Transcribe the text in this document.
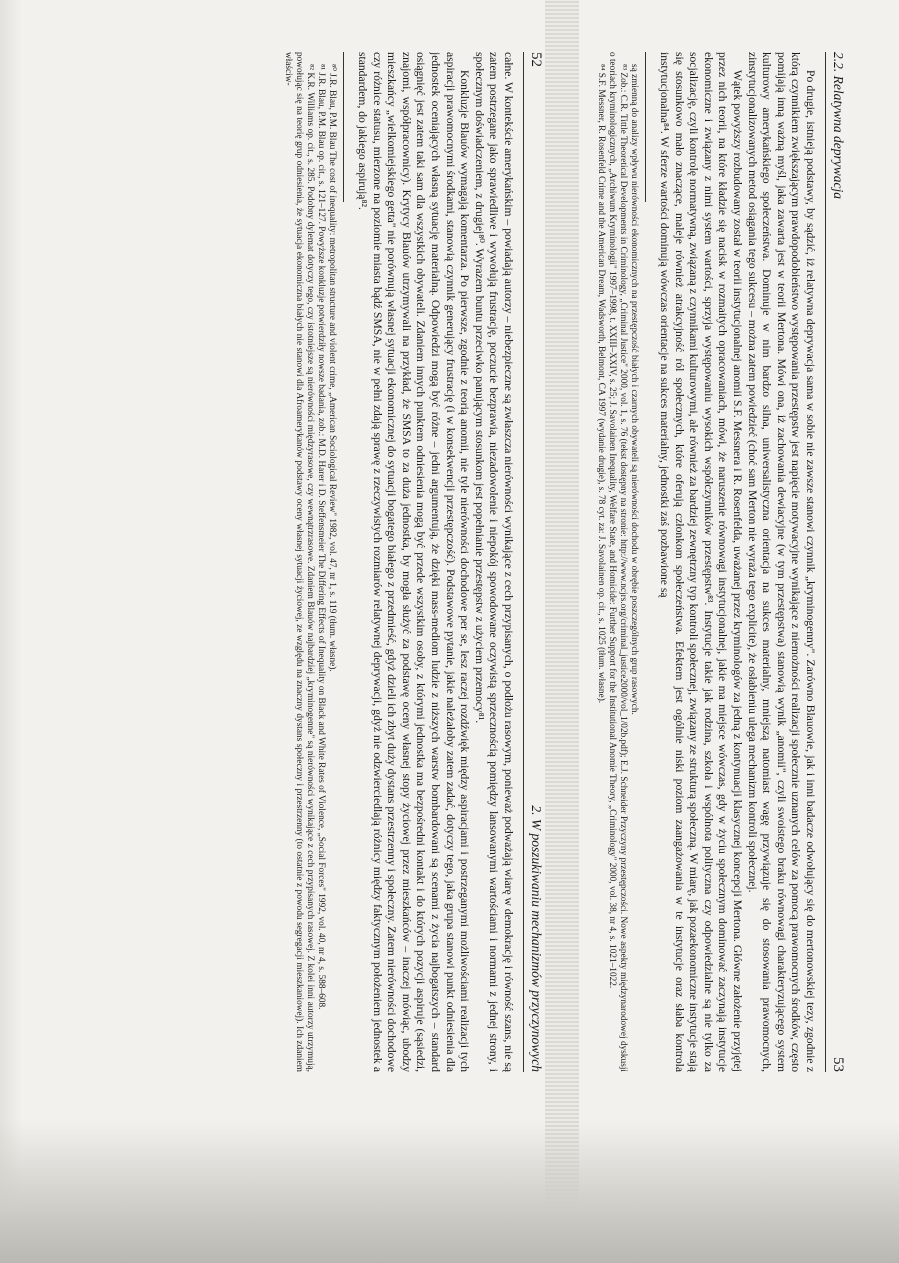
52
2. W poszukiwaniu mechanizmów przyczynowych

całne. W kontekście amerykańskim – powiadają autorzy – niebezpieczne są zwłaszcza nierówności wynikające z cech przypisanych, o podłożu rasowym, ponieważ podważają wiarę w demokrację i równość szans, nie są zatem postrzegane jako sprawiedliwe i wywołują frustrację, poczucie bezprawia, niezadowolenie i niepokój spowodowane oczywistą sprzecznością pomiędzy lansowanymi wartościami i normami z jednej strony, i społecznym doświadczeniem, z drugiej⁸⁰. Wyrazem buntu przeciwko panującym stosunkom jest popełnianie przestępstw z użyciem przemocy⁸¹.

Konkluzje Blauów wymagają komentarza. Po pierwsze, zgodnie z teorią anomii, nie tyle nierówności dochodowe per se, lesz raczej rozdźwięk między aspiracjami i postrzeganymi możliwościami realizacji tych aspiracji prawomocnymi środkami, stanowią czynnik generujący frustrację (i w konsekwencji przestępczość). Podstawowe pytanie, jakie należałoby zatem zadać, dotyczy tego, jaka grupa stanowi punkt odniesienia dla jednostek oceniających własną sytuację materialną. Odpowiedzi mogą być różne – jedni argumentują, że dzięki mass-mediom ludzie z niższych warstw bombardowani są scenami z życia najbogatszych – standard osiągnięć jest zatem taki sam dla wszystkich obywateli. Zdaniem innych punktem odniesienia mogą być przede wszystkim osoby, z którymi jednostka ma bezpośredni kontakt i do których pozycji aspiruje (sąsiedzi, znajomi, współpracownicy). Krytycy Blauów utrzymywali na przykład, że SMSA to za duża jednostka, by mogła służyć za podstawę oceny własnej stopy życiowej przez mieszkańców – inaczej mówiąc, ubodzy mieszkańcy „wielkomiejskiego getta" nie porównują własnej sytuacji ekonomicznej do sytuacji bogatego białego z przedmieść, gdyż dzieli ich zbyt duży dystans przestrzenny i społeczny. Zatem nierówności dochodowe czy różnice statusu, mierzone na poziomie miasta bądź SMSA, nie w pełni zdają sprawę z rzeczywistych rozmiarów relatywnej deprywacji, gdyż nie odzwierciedlają różnicy między faktycznym położeniem jednostek a standardem, do jakiego aspirują⁸².

⁸⁰ J.R. Blau, P.M. Blau The cost of inequality: metropolitan structure and violent crime, „American Sociological Review" 1982, vol. 47, nr 1, s. 119 (tłum. własne).

⁸¹ J.R. Blau, P.M. Blau op. cit., s. 121–127. Powyższe konkluzje potwierdziły nowsze badania, zob.: M.D. Harer i D. Steffensmeier The Differing Effects of Inequality on Black and White Rates of Violence, „Social Forces" 1992, vol. 40, nr 4, s. 588–608.

⁸² K.R. Williams op. cit., s. 285. Podobny dylemat dotyczy tego, czy istotniejsze są nierówności międzyrasowe, czy wewnątrzrasowe. Zdaniem Blauów najbardziej „kryminogenne" są nierówności wynikające z cech przypisanych rasowej. Z kolei inni autorzy utrzymują, powołując się na teorię grup odniesienia, że sytuacja ekonomiczna białych nie stanowi dla Afroamerykanów podstawy oceny własnej sytuacji życiowej, ze względu na znaczny dystans społeczny i przestrzenny (to ostatnie z powodu segregacji mieszkaniowej). Ich zdaniem właściw-	2.2. Relatywna deprywacja
53

Po drugie, istnieją podstawy, by sądzić, iż relatywna deprywacja sama w sobie nie zawsze stanowi czynnik „kryminogenny". Zarówno Blauowie, jak i inni badacze odwołujący się do mertonowskiej tezy, zgodnie z którą czynnikiem zwiększającym prawdopodobieństwo występowania przestępstw jest napięcie motywacyjne wynikające z niemożności realizacji społecznie uznanych celów za pomocą prawomocnych środków, często pomijają inną ważną myśl, jaka zawarta jest w teorii Mertona. Mówi ona, iż zachowania dewiacyjne (w tym przestępstwa) stanowią wynik „anomii", czyli swoistego braku równowagi charakteryzującego system kulturowy amerykańskiego społeczeństwa. Dominuje w nim bardzo silna, uniwersalistyczna orientacja na sukces materialny, mniejszą natomiast wagę przywiązuje się do stosowania prawomocnych, zinstytucjonalizowanych metod osiągania tego sukcesu – można zatem powiedzieć (choć sam Merton nie wyraża tego explicite), że osłabieniu ulega mechanizm kontroli społecznej.

Wątek powyższy rozbudowany został w teorii instytucjonalnej anomii S.F. Messnera i R. Rosenfelda, uważanej przez kryminologów za jedną z kontynuacji klasycznej koncepcji Mertona. Główne założenie przyjętej przez nich teorii, na które kładzie się nacisk w rozmaitych opracowaniach, mówi, że naruszenie równowagi instytucjonalnej, jakie ma miejsce wówczas, gdy w życiu społecznym dominować zaczynają instytucje ekonomiczne i związany z nimi system wartości, sprzyja występowaniu wysokich współczynników przestępstw⁸³. Instytucje takie jak rodzina, szkoła i wspólnota polityczna czy odpowiedzialne są nie tylko za socjalizację, czyli kontrolę normatywną, związaną z czynnikami kulturowymi, ale również za bardziej zewnętrzny typ kontroli społecznej, związany ze strukturą społeczną. W miarę, jak pozaekonomiczne instytucje stają się stosunkowo mało znaczące, maleje również atrakcyjność ról społecznych, które oferują członkom społeczeństwa. Efektem jest ogólnie niski poziom zaangażowania w te instytucje oraz słaba kontrola instytucjonalna⁸⁴. W sferze wartości dominują wówczas orientacje na sukces materialny, jednostki zaś pozbawione są

są zmienną do analizy wpływu nierówności ekonomicznych na przestępczość białych i czarnych obywateli są nierówności dochodu w obrębie poszczególnych grup rasowych.

⁸³ Zob.: C.R. Tittle Theoretical Developments in Criminology, „Criminal Justice" 2000, vol. 1, s. 76 (tekst dostępny na stronie: http://www.ncjrs.org/criminal_justice2000/vol_1/02b.pdf); E.J. Schneider Przyczyny przestępczości. Nowe aspekty międzynarodowej dyskusji o teoriach kryminologicznych, „Archiwum Kryminologii" 1997–1998, t. XXIII–XXIV, s. 25; J. Savolainen Inequality, Welfare State, and Homicide: Further Support for the Institutional Anomie Theory, „Criminology" 2000, vol. 38, nr 4, s. 1021–1022.

⁸⁴ S.F. Messner, R. Rosenfeld Crime and the American Dream, Wadsworth, Belmont, CA 1997 (wydanie drugie), s. 78 cyt. za: J. Savolainen op. cit., s. 1025 (tłum. własne).
